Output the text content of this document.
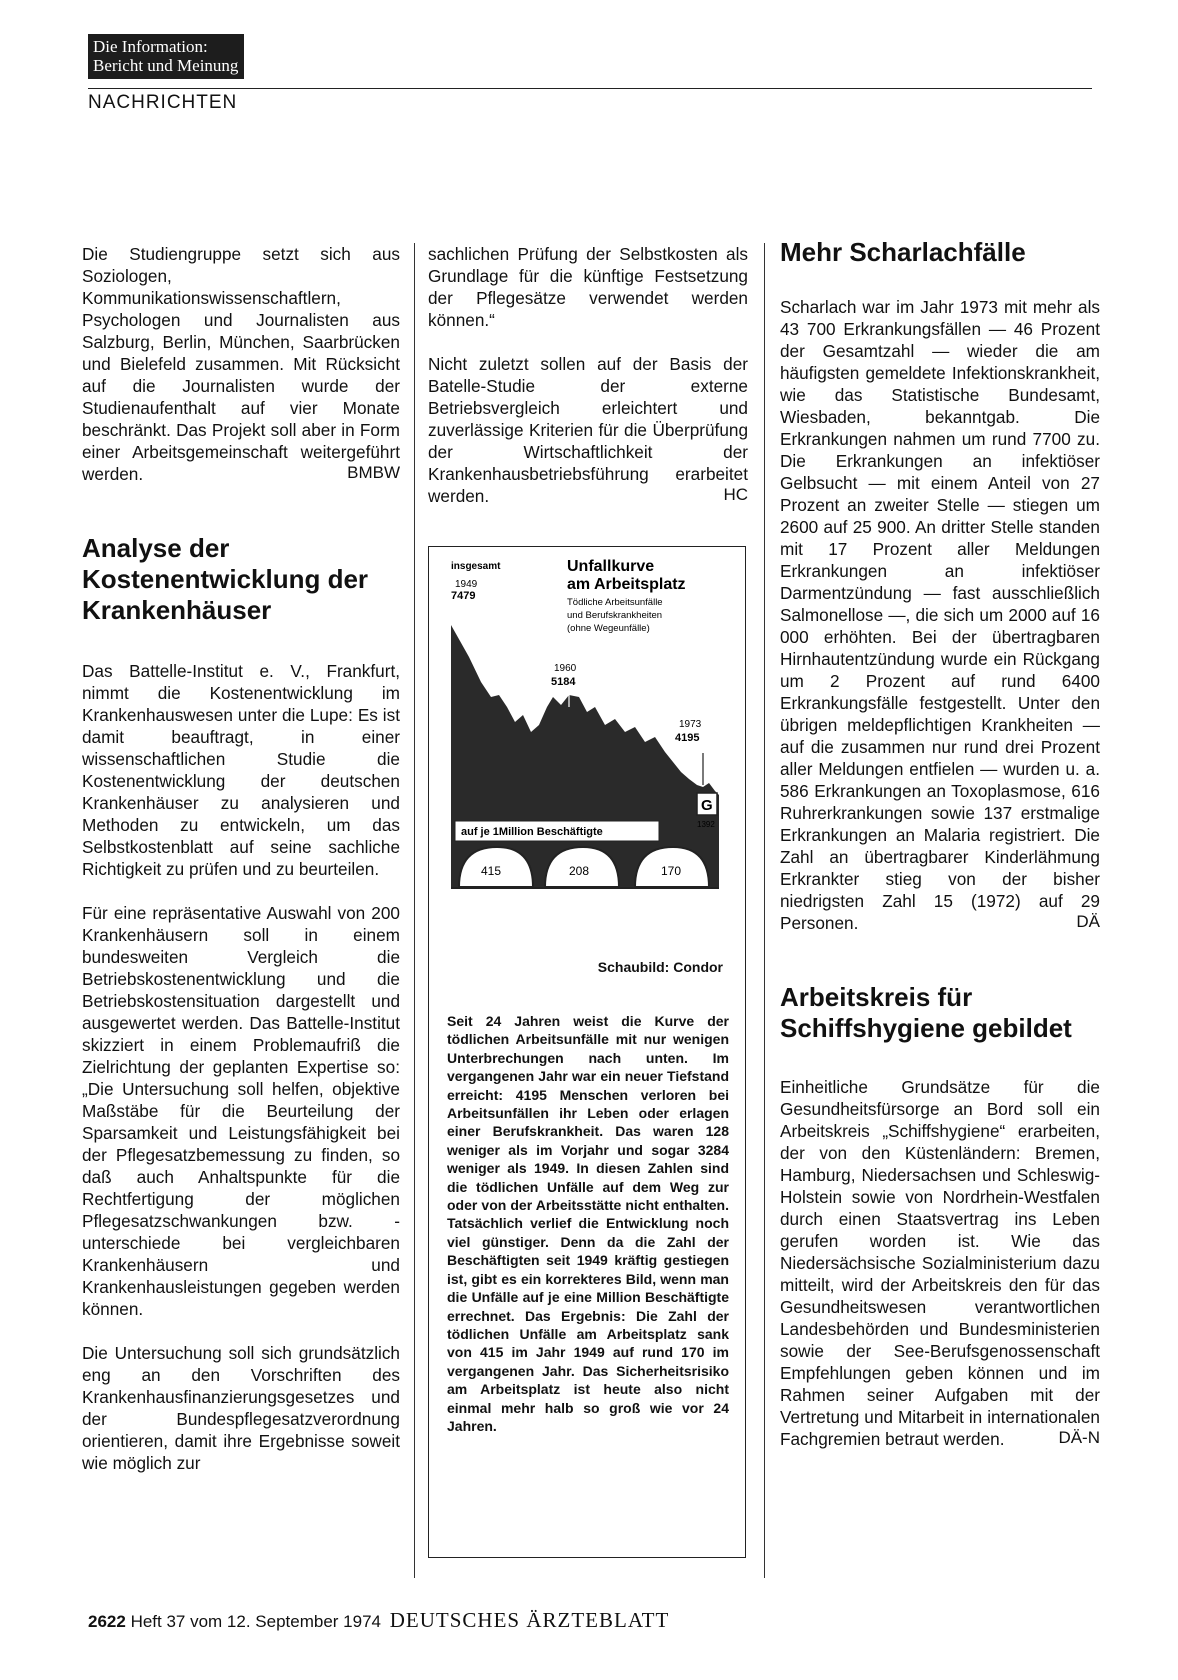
Die Information:
Bericht und Meinung
NACHRICHTEN

Die Studiengruppe setzt sich aus Soziologen, Kommunikationswissenschaftlern, Psychologen und Journalisten aus Salzburg, Berlin, München, Saarbrücken und Bielefeld zusammen. Mit Rücksicht auf die Journalisten wurde der Studienaufenthalt auf vier Monate beschränkt. Das Projekt soll aber in Form einer Arbeitsgemeinschaft weitergeführt werden.	BMBW
Analyse der Kostenentwicklung der Krankenhäuser

Das Battelle-Institut e. V., Frankfurt, nimmt die Kostenentwicklung im Krankenhauswesen unter die Lupe: Es ist damit beauftragt, in einer wissenschaftlichen Studie die Kostenentwicklung der deutschen Krankenhäuser zu analysieren und Methoden zu entwickeln, um das Selbstkostenblatt auf seine sachliche Richtigkeit zu prüfen und zu beurteilen.

Für eine repräsentative Auswahl von 200 Krankenhäusern soll in einem bundesweiten Vergleich die Betriebskostenentwicklung und die Betriebskostensituation dargestellt und ausgewertet werden. Das Battelle-Institut skizziert in einem Problemaufriß die Zielrichtung der geplanten Expertise so: „Die Untersuchung soll helfen, objektive Maßstäbe für die Beurteilung der Sparsamkeit und Leistungsfähigkeit bei der Pflegesatzbemessung zu finden, so daß auch Anhaltspunkte für die Rechtfertigung der möglichen Pflegesatzschwankungen bzw. -unterschiede bei vergleichbaren Krankenhäusern und Krankenhausleistungen gegeben werden können.

Die Untersuchung soll sich grundsätzlich eng an den Vorschriften des Krankenhausfinanzierungsgesetzes und der Bundespflegesatzverordnung orientieren, damit ihre Ergebnisse soweit wie möglich zur

sachlichen Prüfung der Selbstkosten als Grundlage für die künftige Festsetzung der Pflegesätze verwendet werden können.“

Nicht zuletzt sollen auf der Basis der Batelle-Studie der externe Betriebsvergleich erleichtert und zuverlässige Kriterien für die Überprüfung der Wirtschaftlichkeit der Krankenhausbetriebsführung erarbeitet werden.	HC
insgesamt
1949
7479
Unfallkurve
am Arbeitsplatz
Tödliche Arbeitsunfälle
und Berufskrankheiten
(ohne Wegeunfälle)
1960
5184
1973
4195
auf je 1Million Beschäftigte
G
1392
415	208	170
Schaubild: Condor
Seit 24 Jahren weist die Kurve der tödlichen Arbeitsunfälle mit nur wenigen Unterbrechungen nach unten. Im vergangenen Jahr war ein neuer Tiefstand erreicht: 4195 Menschen verloren bei Arbeitsunfällen ihr Leben oder erlagen einer Berufskrankheit. Das waren 128 weniger als im Vorjahr und sogar 3284 weniger als 1949. In diesen Zahlen sind die tödlichen Unfälle auf dem Weg zur oder von der Arbeitsstätte nicht enthalten. Tatsächlich verlief die Entwicklung noch viel günstiger. Denn da die Zahl der Beschäftigten seit 1949 kräftig gestiegen ist, gibt es ein korrekteres Bild, wenn man die Unfälle auf je eine Million Beschäftigte errechnet. Das Ergebnis: Die Zahl der tödlichen Unfälle am Arbeitsplatz sank von 415 im Jahr 1949 auf rund 170 im vergangenen Jahr. Das Sicherheitsrisiko am Arbeitsplatz ist heute also nicht einmal mehr halb so groß wie vor 24 Jahren.
Mehr Scharlachfälle

Scharlach war im Jahr 1973 mit mehr als 43 700 Erkrankungsfällen — 46 Prozent der Gesamtzahl — wieder die am häufigsten gemeldete Infektionskrankheit, wie das Statistische Bundesamt, Wiesbaden, bekanntgab. Die Erkrankungen nahmen um rund 7700 zu. Die Erkrankungen an infektiöser Gelbsucht — mit einem Anteil von 27 Prozent an zweiter Stelle — stiegen um 2600 auf 25 900. An dritter Stelle standen mit 17 Prozent aller Meldungen Erkrankungen an infektiöser Darmentzündung — fast ausschließlich Salmonellose —, die sich um 2000 auf 16 000 erhöhten. Bei der übertragbaren Hirnhautentzündung wurde ein Rückgang um 2 Prozent auf rund 6400 Erkrankungsfälle festgestellt. Unter den übrigen meldepflichtigen Krankheiten — auf die zusammen nur rund drei Prozent aller Meldungen entfielen — wurden u. a. 586 Erkrankungen an Toxoplasmose, 616 Ruhrerkrankungen sowie 137 erstmalige Erkrankungen an Malaria registriert. Die Zahl an übertragbarer Kinderlähmung Erkrankter stieg von der bisher niedrigsten Zahl 15 (1972) auf 29 Personen.	DÄ
Arbeitskreis für Schiffshygiene gebildet

Einheitliche Grundsätze für die Gesundheitsfürsorge an Bord soll ein Arbeitskreis „Schiffshygiene“ erarbeiten, der von den Küstenländern: Bremen, Hamburg, Niedersachsen und Schleswig-Holstein sowie von Nordrhein-Westfalen durch einen Staatsvertrag ins Leben gerufen worden ist. Wie das Niedersächsische Sozialministerium dazu mitteilt, wird der Arbeitskreis den für das Gesundheitswesen verantwortlichen Landesbehörden und Bundesministerien sowie der See-Berufsgenossenschaft Empfehlungen geben können und im Rahmen seiner Aufgaben mit der Vertretung und Mitarbeit in internationalen Fachgremien betraut werden.	DÄ-N
2622 Heft 37 vom 12. September 1974 DEUTSCHES ÄRZTEBLATT
